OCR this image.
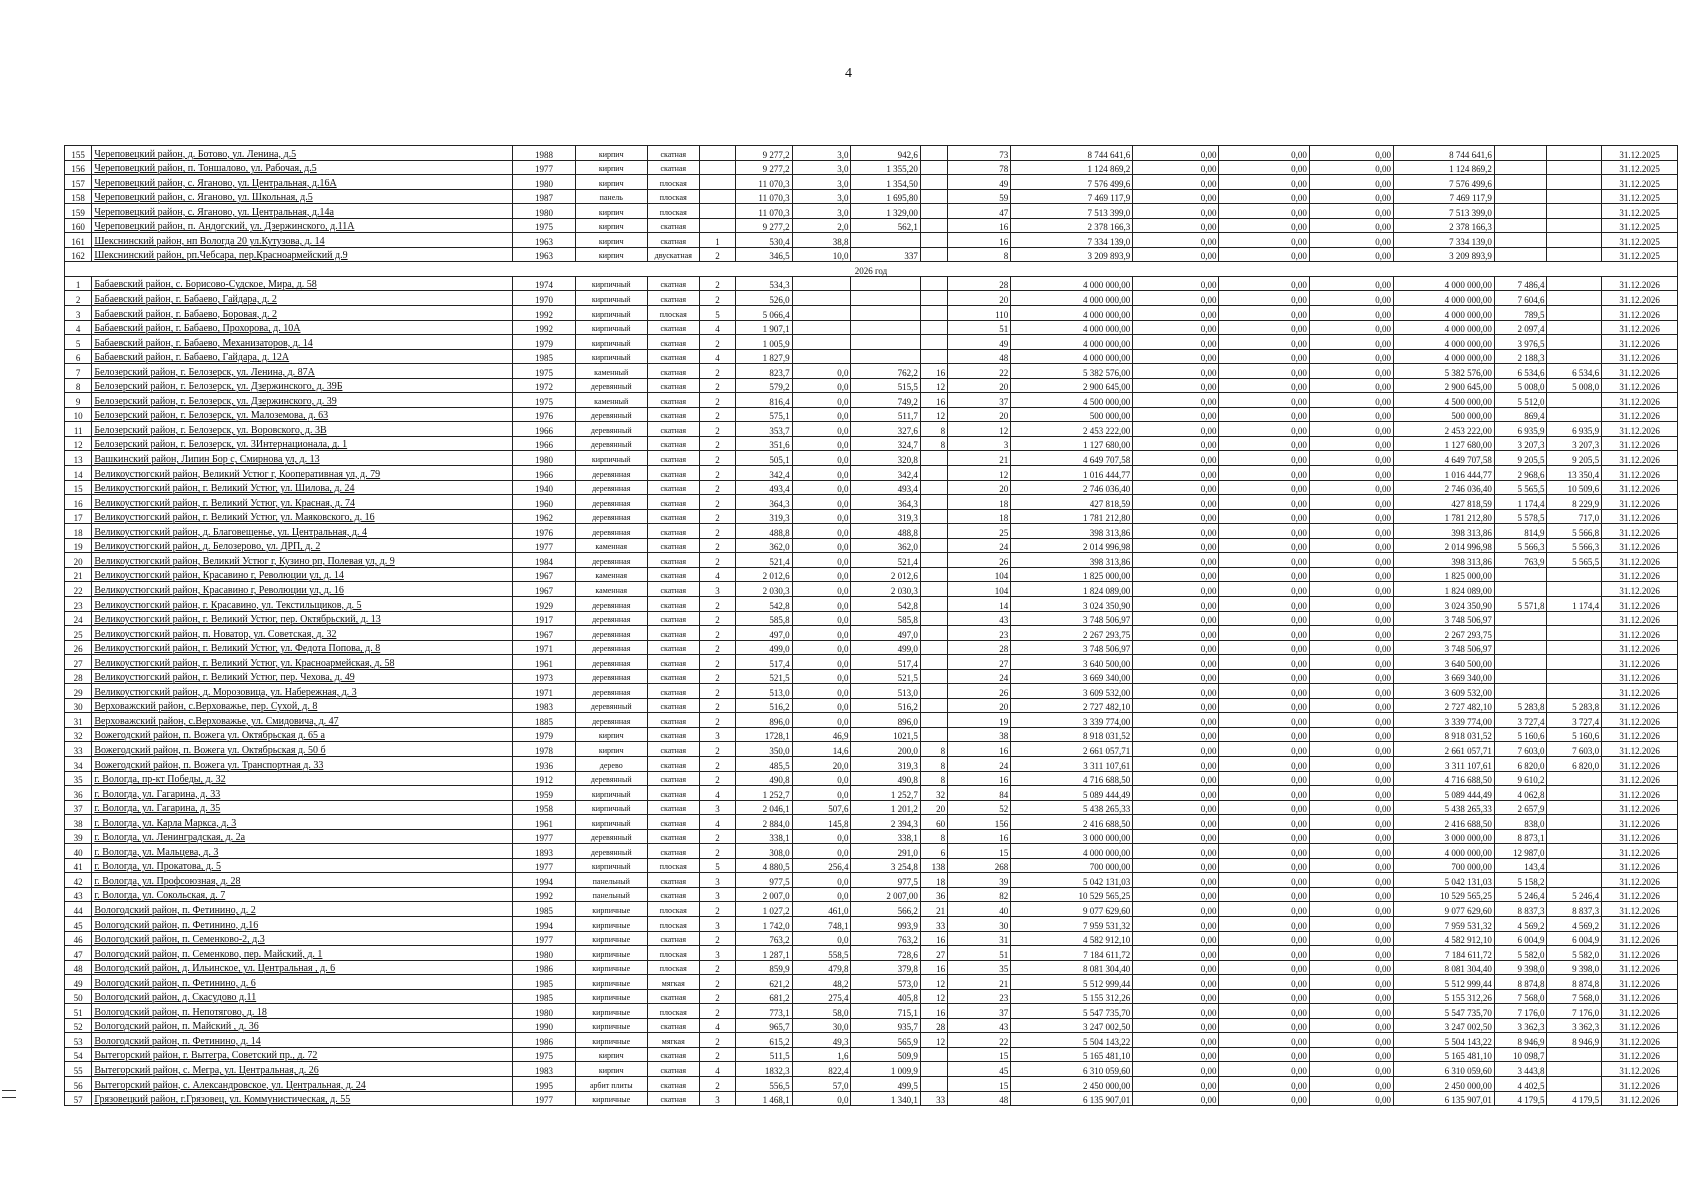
4
155	Череповецкий район, д. Ботово, ул. Ленина, д.5	1988	кирпич	скатная		9 277,2	3,0	942,6		73	8 744 641,6	0,00	0,00	0,00	8 744 641,6			31.12.2025
156	Череповецкий район, п. Тоншалово, ул. Рабочая, д.5	1977	кирпич	скатная		9 277,2	3,0	1 355,20		78	1 124 869,2	0,00	0,00	0,00	1 124 869,2			31.12.2025
157	Череповецкий район, с. Яганово, ул. Центральная, д.16А	1980	кирпич	плоская		11 070,3	3,0	1 354,50		49	7 576 499,6	0,00	0,00	0,00	7 576 499,6			31.12.2025
158	Череповецкий район, с. Яганово, ул. Школьная, д.5	1987	панель	плоская		11 070,3	3,0	1 695,80		59	7 469 117,9	0,00	0,00	0,00	7 469 117,9			31.12.2025
159	Череповецкий район, с. Яганово, ул. Центральная, д.14а	1980	кирпич	плоская		11 070,3	3,0	1 329,00		47	7 513 399,0	0,00	0,00	0,00	7 513 399,0			31.12.2025
160	Череповецкий район, п. Андогский, ул. Дзержинского, д.11А	1975	кирпич	скатная		9 277,2	2,0	562,1		16	2 378 166,3	0,00	0,00	0,00	2 378 166,3			31.12.2025
161	Шекснинский район, нп Вологда 20 ул.Кутузова, д. 14	1963	кирпич	скатная	1	530,4	38,8			16	7 334 139,0	0,00	0,00	0,00	7 334 139,0			31.12.2025
162	Шекснинский район, рп.Чебсара, пер.Красноармейский д.9	1963	кирпич	двускатная	2	346,5	10,0	337		8	3 209 893,9	0,00	0,00	0,00	3 209 893,9			31.12.2025
2026 год																		
1	Бабаевский район, с. Борисово-Судское, Мира, д. 58	1974	кирпичный	скатная	2	534,3				28	4 000 000,00	0,00	0,00	0,00	4 000 000,00	7 486,4		31.12.2026
2	Бабаевский район, г. Бабаево, Гайдара, д. 2	1970	кирпичный	скатная	2	526,0				20	4 000 000,00	0,00	0,00	0,00	4 000 000,00	7 604,6		31.12.2026
3	Бабаевский район, г. Бабаево, Боровая, д. 2	1992	кирпичный	плоская	5	5 066,4				110	4 000 000,00	0,00	0,00	0,00	4 000 000,00	789,5		31.12.2026
4	Бабаевский район, г. Бабаево, Прохорова, д. 10А	1992	кирпичный	скатная	4	1 907,1				51	4 000 000,00	0,00	0,00	0,00	4 000 000,00	2 097,4		31.12.2026
5	Бабаевский район, г. Бабаево, Механизаторов, д. 14	1979	кирпичный	скатная	2	1 005,9				49	4 000 000,00	0,00	0,00	0,00	4 000 000,00	3 976,5		31.12.2026
6	Бабаевский район, г. Бабаево, Гайдара, д. 12А	1985	кирпичный	скатная	4	1 827,9				48	4 000 000,00	0,00	0,00	0,00	4 000 000,00	2 188,3		31.12.2026
7	Белозерский район, г. Белозерск, ул. Ленина, д. 87А	1975	каменный	скатная	2	823,7	0,0	762,2	16	22	5 382 576,00	0,00	0,00	0,00	5 382 576,00	6 534,6	6 534,6	31.12.2026
8	Белозерский район, г. Белозерск, ул. Дзержинского, д. 39Б	1972	деревянный	скатная	2	579,2	0,0	515,5	12	20	2 900 645,00	0,00	0,00	0,00	2 900 645,00	5 008,0	5 008,0	31.12.2026
9	Белозерский район, г. Белозерск, ул. Дзержинского, д. 39	1975	каменный	скатная	2	816,4	0,0	749,2	16	37	4 500 000,00	0,00	0,00	0,00	4 500 000,00	5 512,0		31.12.2026
10	Белозерский район, г. Белозерск, ул. Малоземова, д. 63	1976	деревянный	скатная	2	575,1	0,0	511,7	12	20	500 000,00	0,00	0,00	0,00	500 000,00	869,4		31.12.2026
11	Белозерский район, г. Белозерск, ул. Воровского, д. 3В	1966	деревянный	скатная	2	353,7	0,0	327,6	8	12	2 453 222,00	0,00	0,00	0,00	2 453 222,00	6 935,9	6 935,9	31.12.2026
12	Белозерский район, г. Белозерск, ул. 3Интернационала, д. 1	1966	деревянный	скатная	2	351,6	0,0	324,7	8	3	1 127 680,00	0,00	0,00	0,00	1 127 680,00	3 207,3	3 207,3	31.12.2026
13	Вашкинский район, Липин Бор с, Смирнова ул, д. 13	1980	кирпичный	скатная	2	505,1	0,0	320,8		21	4 649 707,58	0,00	0,00	0,00	4 649 707,58	9 205,5	9 205,5	31.12.2026
14	Великоустюгский район, Великий Устюг г, Кооперативная ул, д. 79	1966	деревянная	скатная	2	342,4	0,0	342,4		12	1 016 444,77	0,00	0,00	0,00	1 016 444,77	2 968,6	13 350,4	31.12.2026
15	Великоустюгский район, г. Великий Устюг, ул. Шилова, д. 24	1940	деревянная	скатная	2	493,4	0,0	493,4		20	2 746 036,40	0,00	0,00	0,00	2 746 036,40	5 565,5	10 509,6	31.12.2026
16	Великоустюгский район, г. Великий Устюг, ул. Красная, д. 74	1960	деревянная	скатная	2	364,3	0,0	364,3		18	427 818,59	0,00	0,00	0,00	427 818,59	1 174,4	8 229,9	31.12.2026
17	Великоустюгский район, г. Великий Устюг, ул. Маяковского, д. 16	1962	деревянная	скатная	2	319,3	0,0	319,3		18	1 781 212,80	0,00	0,00	0,00	1 781 212,80	5 578,5	717,0	31.12.2026
18	Великоустюгский район, д. Благовещенье, ул. Центральная, д. 4	1976	деревянная	скатная	2	488,8	0,0	488,8		25	398 313,86	0,00	0,00	0,00	398 313,86	814,9	5 566,8	31.12.2026
19	Великоустюгский район, д. Белозерово, ул. ДРП, д. 2	1977	каменная	скатная	2	362,0	0,0	362,0		24	2 014 996,98	0,00	0,00	0,00	2 014 996,98	5 566,3	5 566,3	31.12.2026
20	Великоустюгский район, Великий Устюг г, Кузино рп, Полевая ул, д. 9	1984	деревянная	скатная	2	521,4	0,0	521,4		26	398 313,86	0,00	0,00	0,00	398 313,86	763,9	5 565,5	31.12.2026
21	Великоустюгский район, Красавино г, Революции ул, д. 14	1967	каменная	скатная	4	2 012,6	0,0	2 012,6		104	1 825 000,00	0,00	0,00	0,00	1 825 000,00			31.12.2026
22	Великоустюгский район, Красавино г, Революции ул, д. 16	1967	каменная	скатная	3	2 030,3	0,0	2 030,3		104	1 824 089,00	0,00	0,00	0,00	1 824 089,00			31.12.2026
23	Великоустюгский район, г. Красавино, ул. Текстильщиков, д. 5	1929	деревянная	скатная	2	542,8	0,0	542,8		14	3 024 350,90	0,00	0,00	0,00	3 024 350,90	5 571,8	1 174,4	31.12.2026
24	Великоустюгский район, г. Великий Устюг, пер. Октябрьский, д. 13	1917	деревянная	скатная	2	585,8	0,0	585,8		43	3 748 506,97	0,00	0,00	0,00	3 748 506,97			31.12.2026
25	Великоустюгский район, п. Новатор, ул. Советская, д. 32	1967	деревянная	скатная	2	497,0	0,0	497,0		23	2 267 293,75	0,00	0,00	0,00	2 267 293,75			31.12.2026
26	Великоустюгский район, г. Великий Устюг, ул. Федота Попова, д. 8	1971	деревянная	скатная	2	499,0	0,0	499,0		28	3 748 506,97	0,00	0,00	0,00	3 748 506,97			31.12.2026
27	Великоустюгский район, г. Великий Устюг, ул. Красноармейская, д. 58	1961	деревянная	скатная	2	517,4	0,0	517,4		27	3 640 500,00	0,00	0,00	0,00	3 640 500,00			31.12.2026
28	Великоустюгский район, г. Великий Устюг, пер. Чехова, д. 49	1973	деревянная	скатная	2	521,5	0,0	521,5		24	3 669 340,00	0,00	0,00	0,00	3 669 340,00			31.12.2026
29	Великоустюгский район, д. Морозовица, ул. Набережная, д. 3	1971	деревянная	скатная	2	513,0	0,0	513,0		26	3 609 532,00	0,00	0,00	0,00	3 609 532,00			31.12.2026
30	Верховажский район, с.Верховажье, пер. Сухой, д. 8	1983	деревянный	скатная	2	516,2	0,0	516,2		20	2 727 482,10	0,00	0,00	0,00	2 727 482,10	5 283,8	5 283,8	31.12.2026
31	Верховажский район, с.Верховажье, ул. Смидовича, д. 47	1885	деревянная	скатная	2	896,0	0,0	896,0		19	3 339 774,00	0,00	0,00	0,00	3 339 774,00	3 727,4	3 727,4	31.12.2026
32	Вожегодский район, п. Вожега ул. Октябрьская д. 65 а	1979	кирпич	скатная	3	1728,1	46,9	1021,5		38	8 918 031,52	0,00	0,00	0,00	8 918 031,52	5 160,6	5 160,6	31.12.2026
33	Вожегодский район, п. Вожега ул. Октябрьская д. 50 б	1978	кирпич	скатная	2	350,0	14,6	200,0	8	16	2 661 057,71	0,00	0,00	0,00	2 661 057,71	7 603,0	7 603,0	31.12.2026
34	Вожегодский район, п. Вожега ул. Транспортная д. 33	1936	дерево	скатная	2	485,5	20,0	319,3	8	24	3 311 107,61	0,00	0,00	0,00	3 311 107,61	6 820,0	6 820,0	31.12.2026
35	г. Вологда, пр-кт Победы, д. 32	1912	деревянный	скатная	2	490,8	0,0	490,8	8	16	4 716 688,50	0,00	0,00	0,00	4 716 688,50	9 610,2		31.12.2026
36	г. Вологда, ул. Гагарина, д. 33	1959	кирпичный	скатная	4	1 252,7	0,0	1 252,7	32	84	5 089 444,49	0,00	0,00	0,00	5 089 444,49	4 062,8		31.12.2026
37	г. Вологда, ул. Гагарина, д. 35	1958	кирпичный	скатная	3	2 046,1	507,6	1 201,2	20	52	5 438 265,33	0,00	0,00	0,00	5 438 265,33	2 657,9		31.12.2026
38	г. Вологда, ул. Карла Маркса, д. 3	1961	кирпичный	скатная	4	2 884,0	145,8	2 394,3	60	156	2 416 688,50	0,00	0,00	0,00	2 416 688,50	838,0		31.12.2026
39	г. Вологда, ул. Ленинградская, д. 2а	1977	деревянный	скатная	2	338,1	0,0	338,1	8	16	3 000 000,00	0,00	0,00	0,00	3 000 000,00	8 873,1		31.12.2026
40	г. Вологда, ул. Мальцева, д. 3	1893	деревянный	скатная	2	308,0	0,0	291,0	6	15	4 000 000,00	0,00	0,00	0,00	4 000 000,00	12 987,0		31.12.2026
41	г. Вологда, ул. Прокатова, д. 5	1977	кирпичный	плоская	5	4 880,5	256,4	3 254,8	138	268	700 000,00	0,00	0,00	0,00	700 000,00	143,4		31.12.2026
42	г. Вологда, ул. Профсоюзная, д. 28	1994	панельный	скатная	3	977,5	0,0	977,5	18	39	5 042 131,03	0,00	0,00	0,00	5 042 131,03	5 158,2		31.12.2026
43	г. Вологда, ул. Сокольская, д. 7	1992	панельный	скатная	3	2 007,0	0,0	2 007,00	36	82	10 529 565,25	0,00	0,00	0,00	10 529 565,25	5 246,4	5 246,4	31.12.2026
44	Вологодский район, п. Фетинино, д. 2	1985	кирпичные	плоская	2	1 027,2	461,0	566,2	21	40	9 077 629,60	0,00	0,00	0,00	9 077 629,60	8 837,3	8 837,3	31.12.2026
45	Вологодский район, п. Фетинино, д.16	1994	кирпичные	плоская	3	1 742,0	748,1	993,9	33	30	7 959 531,32	0,00	0,00	0,00	7 959 531,32	4 569,2	4 569,2	31.12.2026
46	Вологодский район, п. Семенково-2, д.3	1977	кирпичные	скатная	2	763,2	0,0	763,2	16	31	4 582 912,10	0,00	0,00	0,00	4 582 912,10	6 004,9	6 004,9	31.12.2026
47	Вологодский район, п. Семенково, пер. Майский, д. 1	1980	кирпичные	плоская	3	1 287,1	558,5	728,6	27	51	7 184 611,72	0,00	0,00	0,00	7 184 611,72	5 582,0	5 582,0	31.12.2026
48	Вологодский район, д. Ильинское, ул. Центральная , д. 6	1986	кирпичные	плоская	2	859,9	479,8	379,8	16	35	8 081 304,40	0,00	0,00	0,00	8 081 304,40	9 398,0	9 398,0	31.12.2026
49	Вологодский район, п. Фетинино, д. 6	1985	кирпичные	мягкая	2	621,2	48,2	573,0	12	21	5 512 999,44	0,00	0,00	0,00	5 512 999,44	8 874,8	8 874,8	31.12.2026
50	Вологодский район, д. Скасудово д.11	1985	кирпичные	скатная	2	681,2	275,4	405,8	12	23	5 155 312,26	0,00	0,00	0,00	5 155 312,26	7 568,0	7 568,0	31.12.2026
51	Вологодский район, п. Непотягово, д. 18	1980	кирпичные	плоская	2	773,1	58,0	715,1	16	37	5 547 735,70	0,00	0,00	0,00	5 547 735,70	7 176,0	7 176,0	31.12.2026
52	Вологодский район, п. Майский , д. 36	1990	кирпичные	скатная	4	965,7	30,0	935,7	28	43	3 247 002,50	0,00	0,00	0,00	3 247 002,50	3 362,3	3 362,3	31.12.2026
53	Вологодский район, п. Фетинино, д. 14	1986	кирпичные	мягкая	2	615,2	49,3	565,9	12	22	5 504 143,22	0,00	0,00	0,00	5 504 143,22	8 946,9	8 946,9	31.12.2026
54	Вытегорский район, г. Вытегра, Советский пр., д. 72	1975	кирпич	скатная	2	511,5	1,6	509,9		15	5 165 481,10	0,00	0,00	0,00	5 165 481,10	10 098,7		31.12.2026
55	Вытегорский район, с. Мегра, ул. Центральная, д. 26	1983	кирпич	скатная	4	1832,3	822,4	1 009,9		45	6 310 059,60	0,00	0,00	0,00	6 310 059,60	3 443,8		31.12.2026
56	Вытегорский район, с. Александровское, ул. Центральная, д. 24	1995	арбит плиты	скатная	2	556,5	57,0	499,5		15	2 450 000,00	0,00	0,00	0,00	2 450 000,00	4 402,5		31.12.2026
57	Грязовецкий район, г.Грязовец, ул. Коммунистическая, д. 55	1977	кирпичные	скатная	3	1 468,1	0,0	1 340,1	33	48	6 135 907,01	0,00	0,00	0,00	6 135 907,01	4 179,5	4 179,5	31.12.2026
